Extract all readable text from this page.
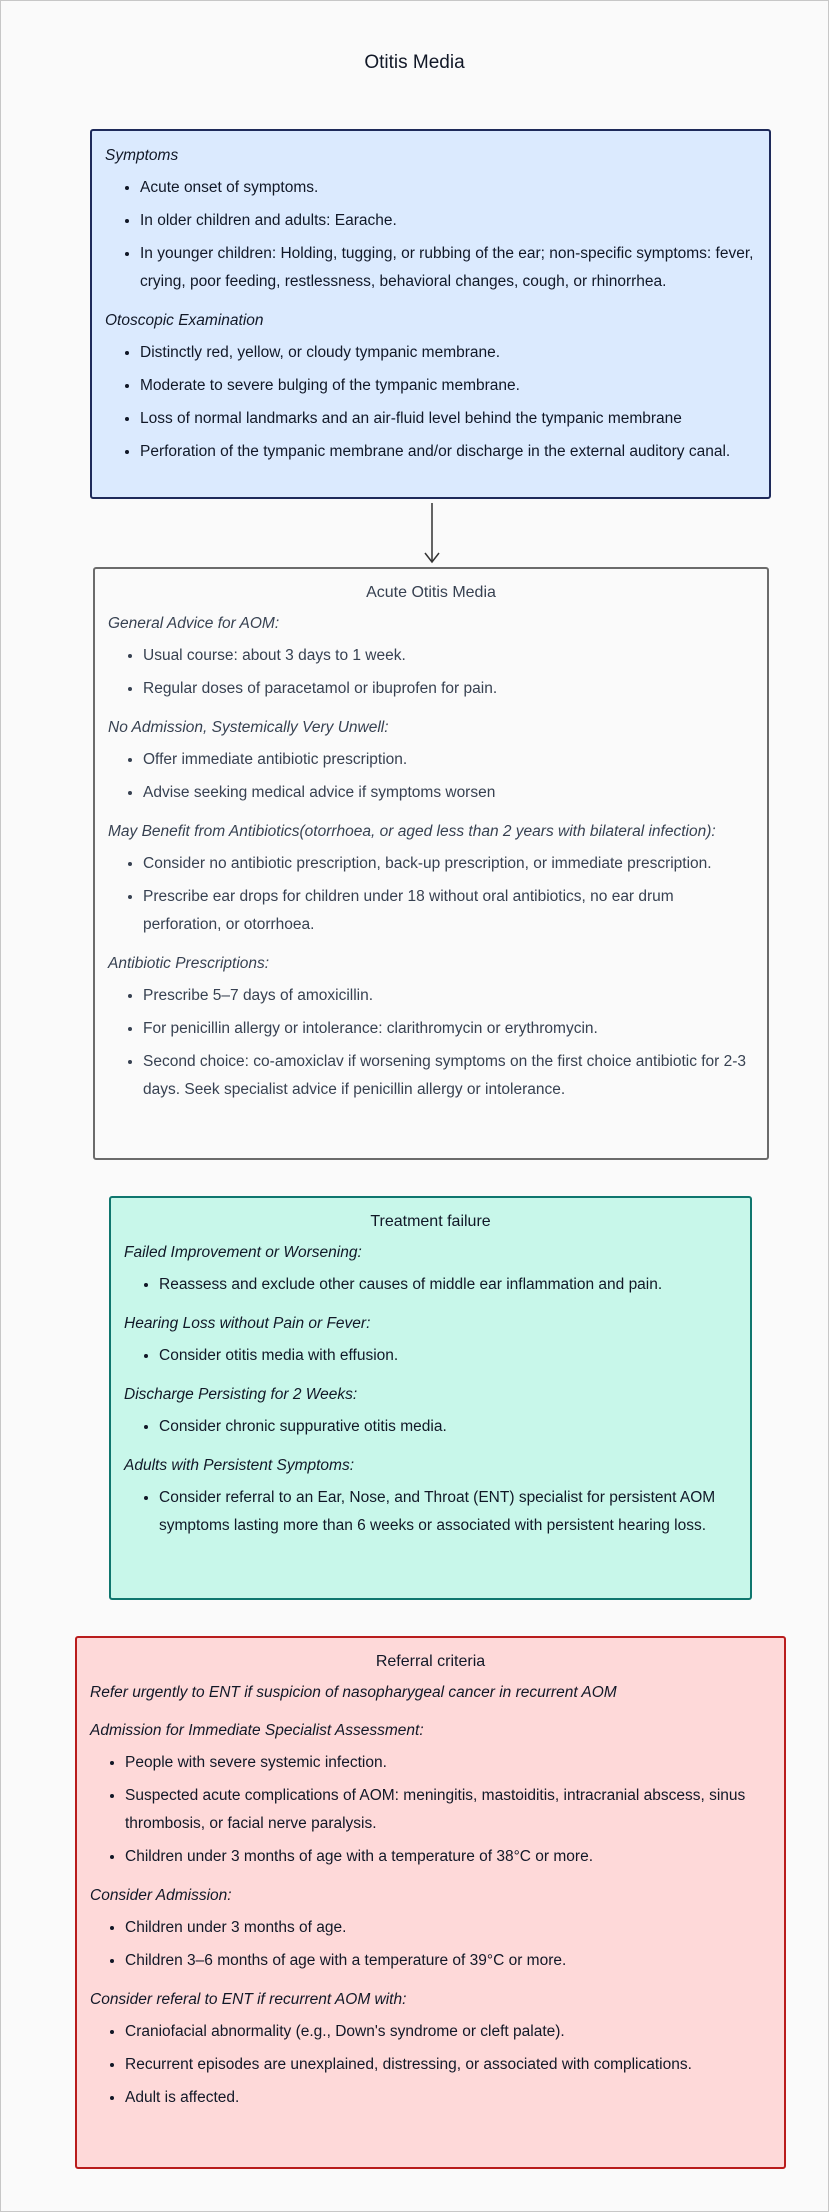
Otitis Media
Symptoms
• Acute onset of symptoms.
• In older children and adults: Earache.
• In younger children: Holding, tugging, or rubbing of the ear; non-specific symptoms: fever, crying, poor feeding, restlessness, behavioral changes, cough, or rhinorrhea.
Otoscopic Examination
• Distinctly red, yellow, or cloudy tympanic membrane.
• Moderate to severe bulging of the tympanic membrane.
• Loss of normal landmarks and an air-fluid level behind the tympanic membrane
• Perforation of the tympanic membrane and/or discharge in the external auditory canal.
Acute Otitis Media
General Advice for AOM:
• Usual course: about 3 days to 1 week.
• Regular doses of paracetamol or ibuprofen for pain.
No Admission, Systemically Very Unwell:
• Offer immediate antibiotic prescription.
• Advise seeking medical advice if symptoms worsen
May Benefit from Antibiotics(otorrhoea, or aged less than 2 years with bilateral infection):
• Consider no antibiotic prescription, back-up prescription, or immediate prescription.
• Prescribe ear drops for children under 18 without oral antibiotics, no ear drum perforation, or otorrhoea.
Antibiotic Prescriptions:
• Prescribe 5–7 days of amoxicillin.
• For penicillin allergy or intolerance: clarithromycin or erythromycin.
• Second choice: co-amoxiclav if worsening symptoms on the first choice antibiotic for 2-3 days. Seek specialist advice if penicillin allergy or intolerance.
Treatment failure
Failed Improvement or Worsening:
• Reassess and exclude other causes of middle ear inflammation and pain.
Hearing Loss without Pain or Fever:
• Consider otitis media with effusion.
Discharge Persisting for 2 Weeks:
• Consider chronic suppurative otitis media.
Adults with Persistent Symptoms:
• Consider referral to an Ear, Nose, and Throat (ENT) specialist for persistent AOM symptoms lasting more than 6 weeks or associated with persistent hearing loss.
Referral criteria
Refer urgently to ENT if suspicion of nasopharygeal cancer in recurrent AOM
Admission for Immediate Specialist Assessment:
• People with severe systemic infection.
• Suspected acute complications of AOM: meningitis, mastoiditis, intracranial abscess, sinus thrombosis, or facial nerve paralysis.
• Children under 3 months of age with a temperature of 38°C or more.
Consider Admission:
• Children under 3 months of age.
• Children 3–6 months of age with a temperature of 39°C or more.
Consider referal to ENT if recurrent AOM with:
• Craniofacial abnormality (e.g., Down's syndrome or cleft palate).
• Recurrent episodes are unexplained, distressing, or associated with complications.
• Adult is affected.
